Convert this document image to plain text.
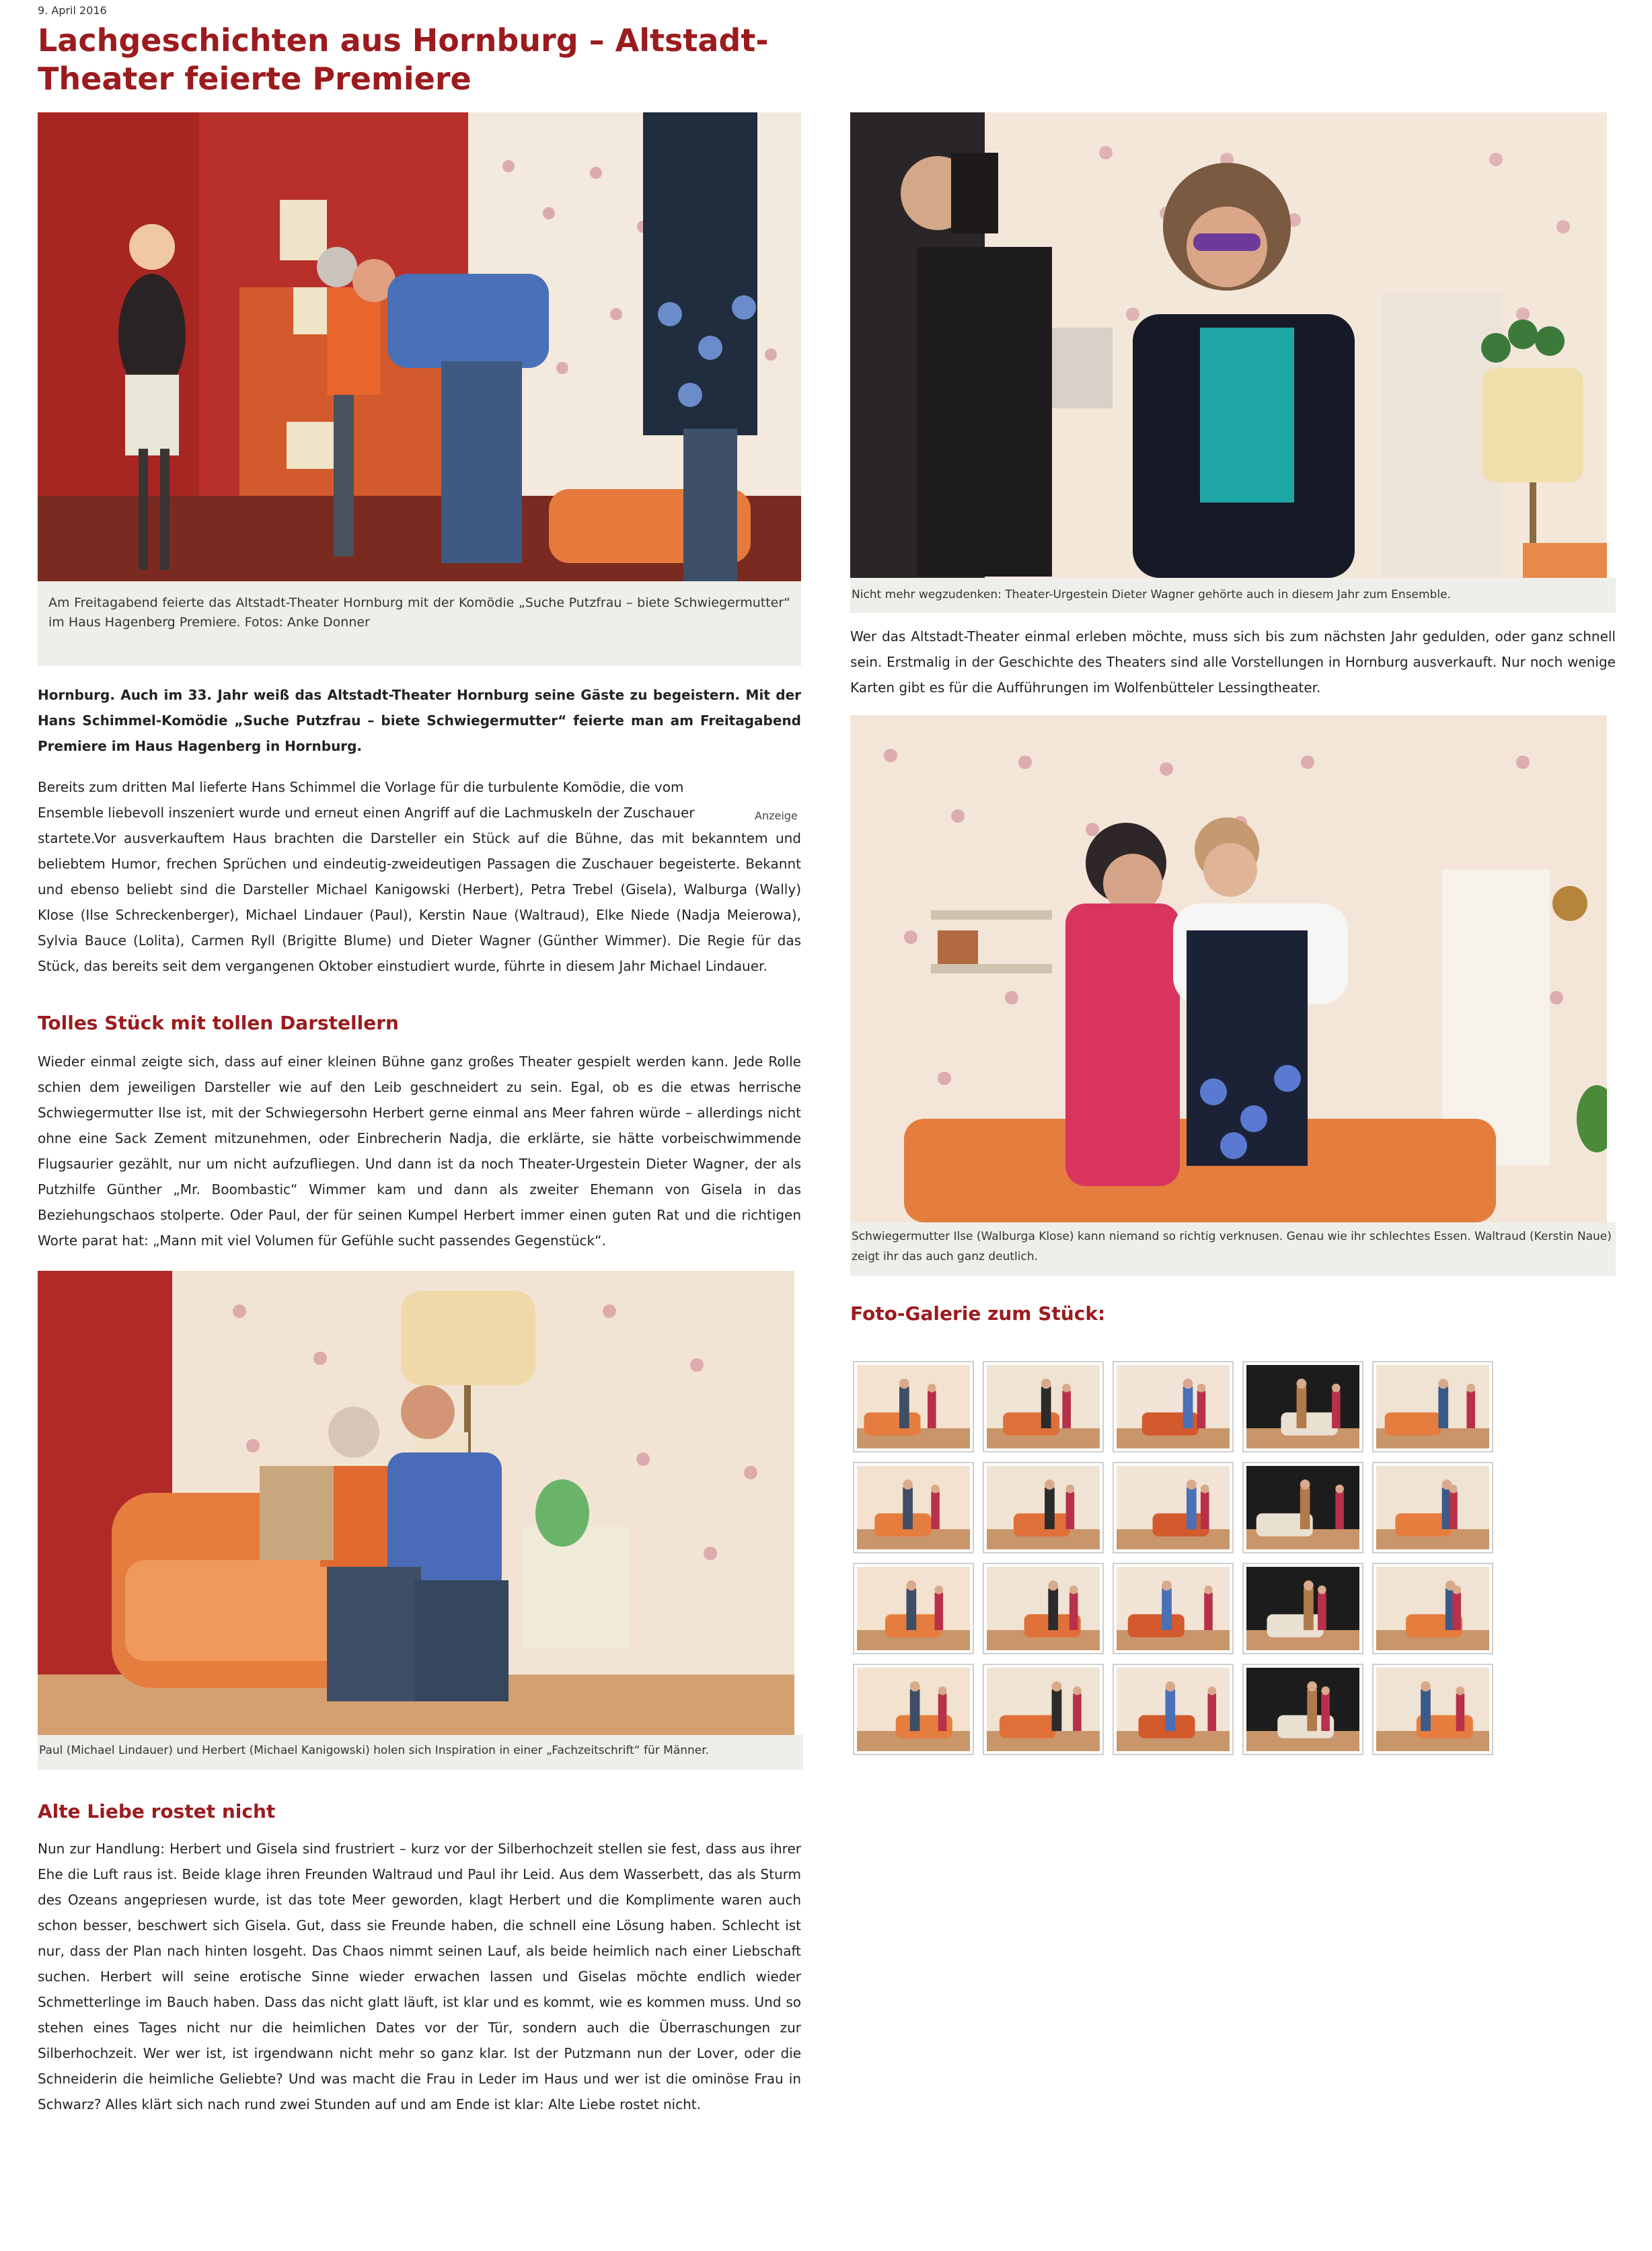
9. April 2016
Lachgeschichten aus Hornburg – Altstadt-Theater feierte Premiere
Am Freitagabend feierte das Altstadt-Theater Hornburg mit der Komödie „Suche Putzfrau – biete Schwiegermutter“ im Haus Hagenberg Premiere. Fotos: Anke Donner

Hornburg. Auch im 33. Jahr weiß das Altstadt-Theater Hornburg seine Gäste zu begeistern. Mit der Hans Schimmel-Komödie „Suche Putzfrau – biete Schwiegermutter“ feierte man am Freitagabend Premiere im Haus Hagenberg in Hornburg.

Bereits zum dritten Mal lieferte Hans Schimmel die Vorlage für die turbulente Komödie, die vom

Ensemble liebevoll inszeniert wurde und erneut einen Angriff auf die Lachmuskeln der Zuschauer

startete.
Anzeige

Vor ausverkauftem Haus brachten die Darsteller ein Stück auf die Bühne, das mit bekanntem und beliebtem Humor, frechen Sprüchen und eindeutig-zweideutigen Passagen die Zuschauer begeisterte. Bekannt und ebenso beliebt sind die Darsteller Michael Kanigowski (Herbert), Petra Trebel (Gisela), Walburga (Wally) Klose (Ilse Schreckenberger), Michael Lindauer (Paul), Kerstin Naue (Waltraud), Elke Niede (Nadja Meierowa), Sylvia Bauce (Lolita), Carmen Ryll (Brigitte Blume) und Dieter Wagner (Günther Wimmer). Die Regie für das Stück, das bereits seit dem vergangenen Oktober einstudiert wurde, führte in diesem Jahr Michael Lindauer.

Tolles Stück mit tollen Darstellern

Wieder einmal zeigte sich, dass auf einer kleinen Bühne ganz großes Theater gespielt werden kann. Jede Rolle schien dem jeweiligen Darsteller wie auf den Leib geschneidert zu sein. Egal, ob es die etwas herrische Schwiegermutter Ilse ist, mit der Schwiegersohn Herbert gerne einmal ans Meer fahren würde – allerdings nicht ohne eine Sack Zement mitzunehmen, oder Einbrecherin Nadja, die erklärte, sie hätte vorbeischwimmende Flugsaurier gezählt, nur um nicht aufzufliegen. Und dann ist da noch Theater-Urgestein Dieter Wagner, der als Putzhilfe Günther „Mr. Boombastic“ Wimmer kam und dann als zweiter Ehemann von Gisela in das Beziehungschaos stolperte. Oder Paul, der für seinen Kumpel Herbert immer einen guten Rat und die richtigen Worte parat hat: „Mann mit viel Volumen für Gefühle sucht passendes Gegenstück“.

Paul (Michael Lindauer) und Herbert (Michael Kanigowski) holen sich Inspiration in einer „Fachzeitschrift“ für Männer.
Alte Liebe rostet nicht

Nun zur Handlung: Herbert und Gisela sind frustriert – kurz vor der Silberhochzeit stellen sie fest, dass aus ihrer Ehe die Luft raus ist. Beide klage ihren Freunden Waltraud und Paul ihr Leid. Aus dem Wasserbett, das als Sturm des Ozeans angepriesen wurde, ist das tote Meer geworden, klagt Herbert und die Komplimente waren auch schon besser, beschwert sich Gisela. Gut, dass sie Freunde haben, die schnell eine Lösung haben. Schlecht ist nur, dass der Plan nach hinten losgeht. Das Chaos nimmt seinen Lauf, als beide heimlich nach einer Liebschaft suchen. Herbert will seine erotische Sinne wieder erwachen lassen und Giselas möchte endlich wieder Schmetterlinge im Bauch haben. Dass das nicht glatt läuft, ist klar und es kommt, wie es kommen muss. Und so stehen eines Tages nicht nur die heimlichen Dates vor der Tür, sondern auch die Überraschungen zur Silberhochzeit. Wer wer ist, ist irgendwann nicht mehr so ganz klar. Ist der Putzmann nun der Lover, oder die Schneiderin die heimliche Geliebte? Und was macht die Frau in Leder im Haus und wer ist die ominöse Frau in Schwarz? Alles klärt sich nach rund zwei Stunden auf und am Ende ist klar: Alte Liebe rostet nicht.

Nicht mehr wegzudenken: Theater-Urgestein Dieter Wagner gehörte auch in diesem Jahr zum Ensemble.

Wer das Altstadt-Theater einmal erleben möchte, muss sich bis zum nächsten Jahr gedulden, oder ganz schnell sein. Erstmalig in der Geschichte des Theaters sind alle Vorstellungen in Hornburg ausverkauft. Nur noch wenige Karten gibt es für die Aufführungen im Wolfenbütteler Lessingtheater.

Schwiegermutter Ilse (Walburga Klose) kann niemand so richtig verknusen. Genau wie ihr schlechtes Essen. Waltraud (Kerstin Naue) zeigt ihr das auch ganz deutlich.
Foto-Galerie zum Stück:
